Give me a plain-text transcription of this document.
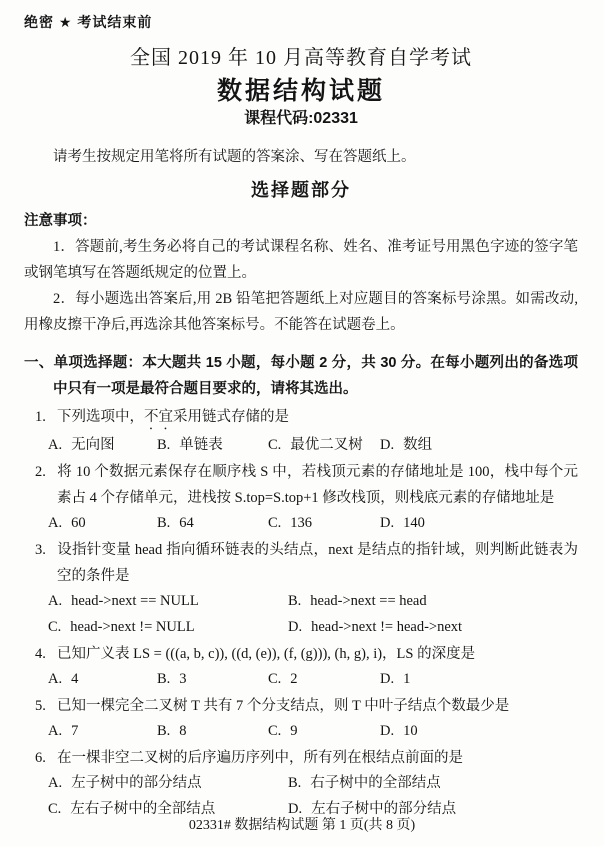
绝密 ★ 考试结束前
全国 2019 年 10 月高等教育自学考试
数据结构试题
课程代码:02331

请考生按规定用笔将所有试题的答案涂、写在答题纸上。

选择题部分
注意事项：

1．答题前,考生务必将自己的考试课程名称、姓名、准考证号用黑色字迹的签字笔或钢笔填写在答题纸规定的位置上。

2．每小题选出答案后,用 2B 铅笔把答题纸上对应题目的答案标号涂黑。如需改动,用橡皮擦干净后,再选涂其他答案标号。不能答在试题卷上。

一、单项选择题：本大题共 15 小题，每小题 2 分，共 30 分。在每小题列出的备选项中只有一项是最符合题目要求的，请将其选出。
1. 下列选项中，不宜采用链式存储的是
A. 无向图	B. 单链表	C. 最优二叉树	D. 数组
2. 将 10 个数据元素保存在顺序栈 S 中，若栈顶元素的存储地址是 100，栈中每个元素占 4 个存储单元，进栈按 S.top=S.top+1 修改栈顶，则栈底元素的存储地址是
A. 60	B. 64	C. 136	D. 140
3. 设指针变量 head 指向循环链表的头结点，next 是结点的指针域，则判断此链表为空的条件是
A. head->next == NULL	B. head->next == head
C. head->next != NULL	D. head->next != head->next
4. 已知广义表 LS = (((a, b, c)), ((d, (e)), (f, (g))), (h, g), i)，LS 的深度是
A. 4	B. 3	C. 2	D. 1
5. 已知一棵完全二叉树 T 共有 7 个分支结点，则 T 中叶子结点个数最少是
A. 7	B. 8	C. 9	D. 10
6. 在一棵非空二叉树的后序遍历序列中，所有列在根结点前面的是
A. 左子树中的部分结点	B. 右子树中的全部结点
C. 左右子树中的全部结点	D. 左右子树中的部分结点
02331# 数据结构试题 第 1 页(共 8 页)
